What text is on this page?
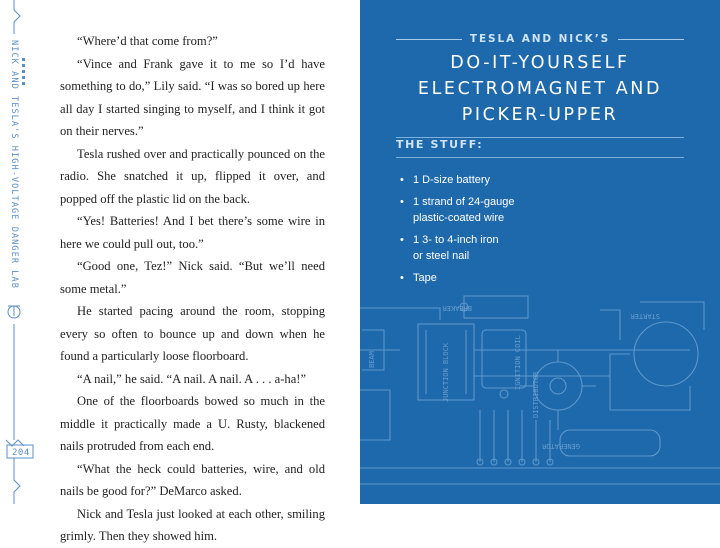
NICK AND TESLA'S HIGH-VOLTAGE DANGER LAB
204

“Where’d that come from?”

“Vince and Frank gave it to me so I’d have something to do,” Lily said. “I was so bored up here all day I started singing to myself, and I think it got on their nerves.”

Tesla rushed over and practically pounced on the radio. She snatched it up, flipped it over, and popped off the plastic lid on the back.

“Yes! Batteries! And I bet there’s some wire in here we could pull out, too.”

“Good one, Tez!” Nick said. “But we’ll need some metal.”

He started pacing around the room, stopping every so often to bounce up and down when he found a particularly loose floorboard.

“A nail,” he said. “A nail. A nail. A . . . a-ha!”

One of the floorboards bowed so much in the middle it practically made a U. Rusty, blackened nails protruded from each end.

“What the heck could batteries, wire, and old nails be good for?” DeMarco asked.

Nick and Tesla just looked at each other, smiling grimly. Then they showed him.

BREAKER
STARTER
JUNCTION BLOCK	IGNITION COIL
DISTRIBUTOR
GENERATOR
BEAM
TESLA AND NICK’S
DO-IT-YOURSELF
ELECTROMAGNET AND
PICKER-UPPER
THE STUFF:
• 1 D-size battery
• 1 strand of 24-gauge
plastic-coated wire
• 1 3- to 4-inch iron
or steel nail
• Tape
